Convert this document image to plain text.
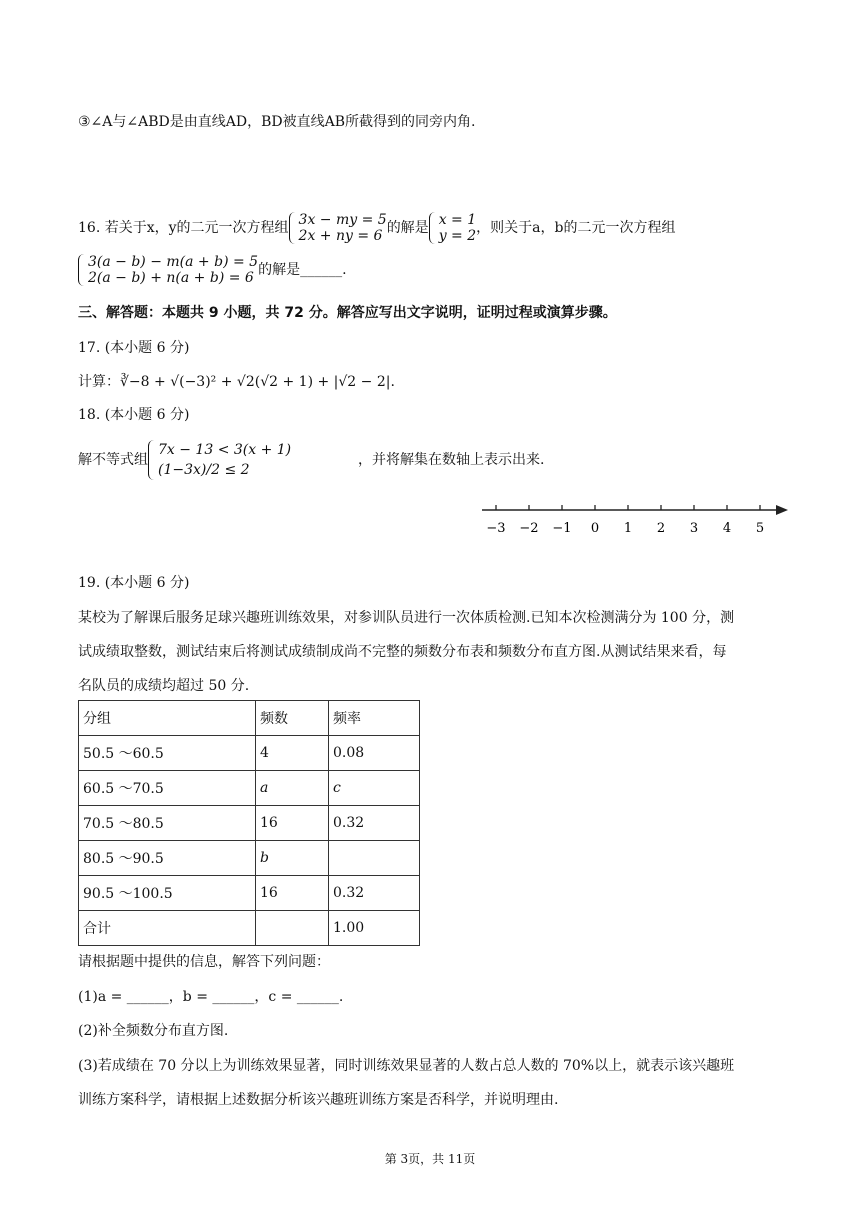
③∠A与∠ABD是由直线AD，BD被直线AB所截得到的同旁内角.
16. 若关于x，y的二元一次方程组 3x − my = 5
2x + ny = 6 的解是 x = 1
y = 2 ，则关于a，b的二元一次方程组
3(a − b) − m(a + b) = 5
2(a − b) + n(a + b) = 6 的解是______.
三、解答题：本题共 9 小题，共 72 分。解答应写出文字说明，证明过程或演算步骤。
17. (本小题 6 分)
计算：∛−8 + √(−3)² + √2(√2 + 1) + |√2 − 2|.
18. (本小题 6 分)
解不等式组
7x − 13 < 3(x + 1)
(1−3x)/2 ≤ 2
，并将解集在数轴上表示出来.
−3 −2 −1 0 1 2 3 4 5
19. (本小题 6 分)
某校为了解课后服务足球兴趣班训练效果，对参训队员进行一次体质检测.已知本次检测满分为 100 分，测
试成绩取整数，测试结束后将测试成绩制成尚不完整的频数分布表和频数分布直方图.从测试结果来看，每
名队员的成绩均超过 50 分.
分组	频数	频率
50.5 ～60.5	4	0.08
60.5 ～70.5	a	c
70.5 ～80.5	16	0.32
80.5 ～90.5	b	
90.5 ～100.5	16	0.32
合计		1.00
请根据题中提供的信息，解答下列问题：
(1)a = ______，b = ______，c = ______.
(2)补全频数分布直方图.
(3)若成绩在 70 分以上为训练效果显著，同时训练效果显著的人数占总人数的 70%以上，就表示该兴趣班
训练方案科学，请根据上述数据分析该兴趣班训练方案是否科学，并说明理由.
第 3页，共 11页
